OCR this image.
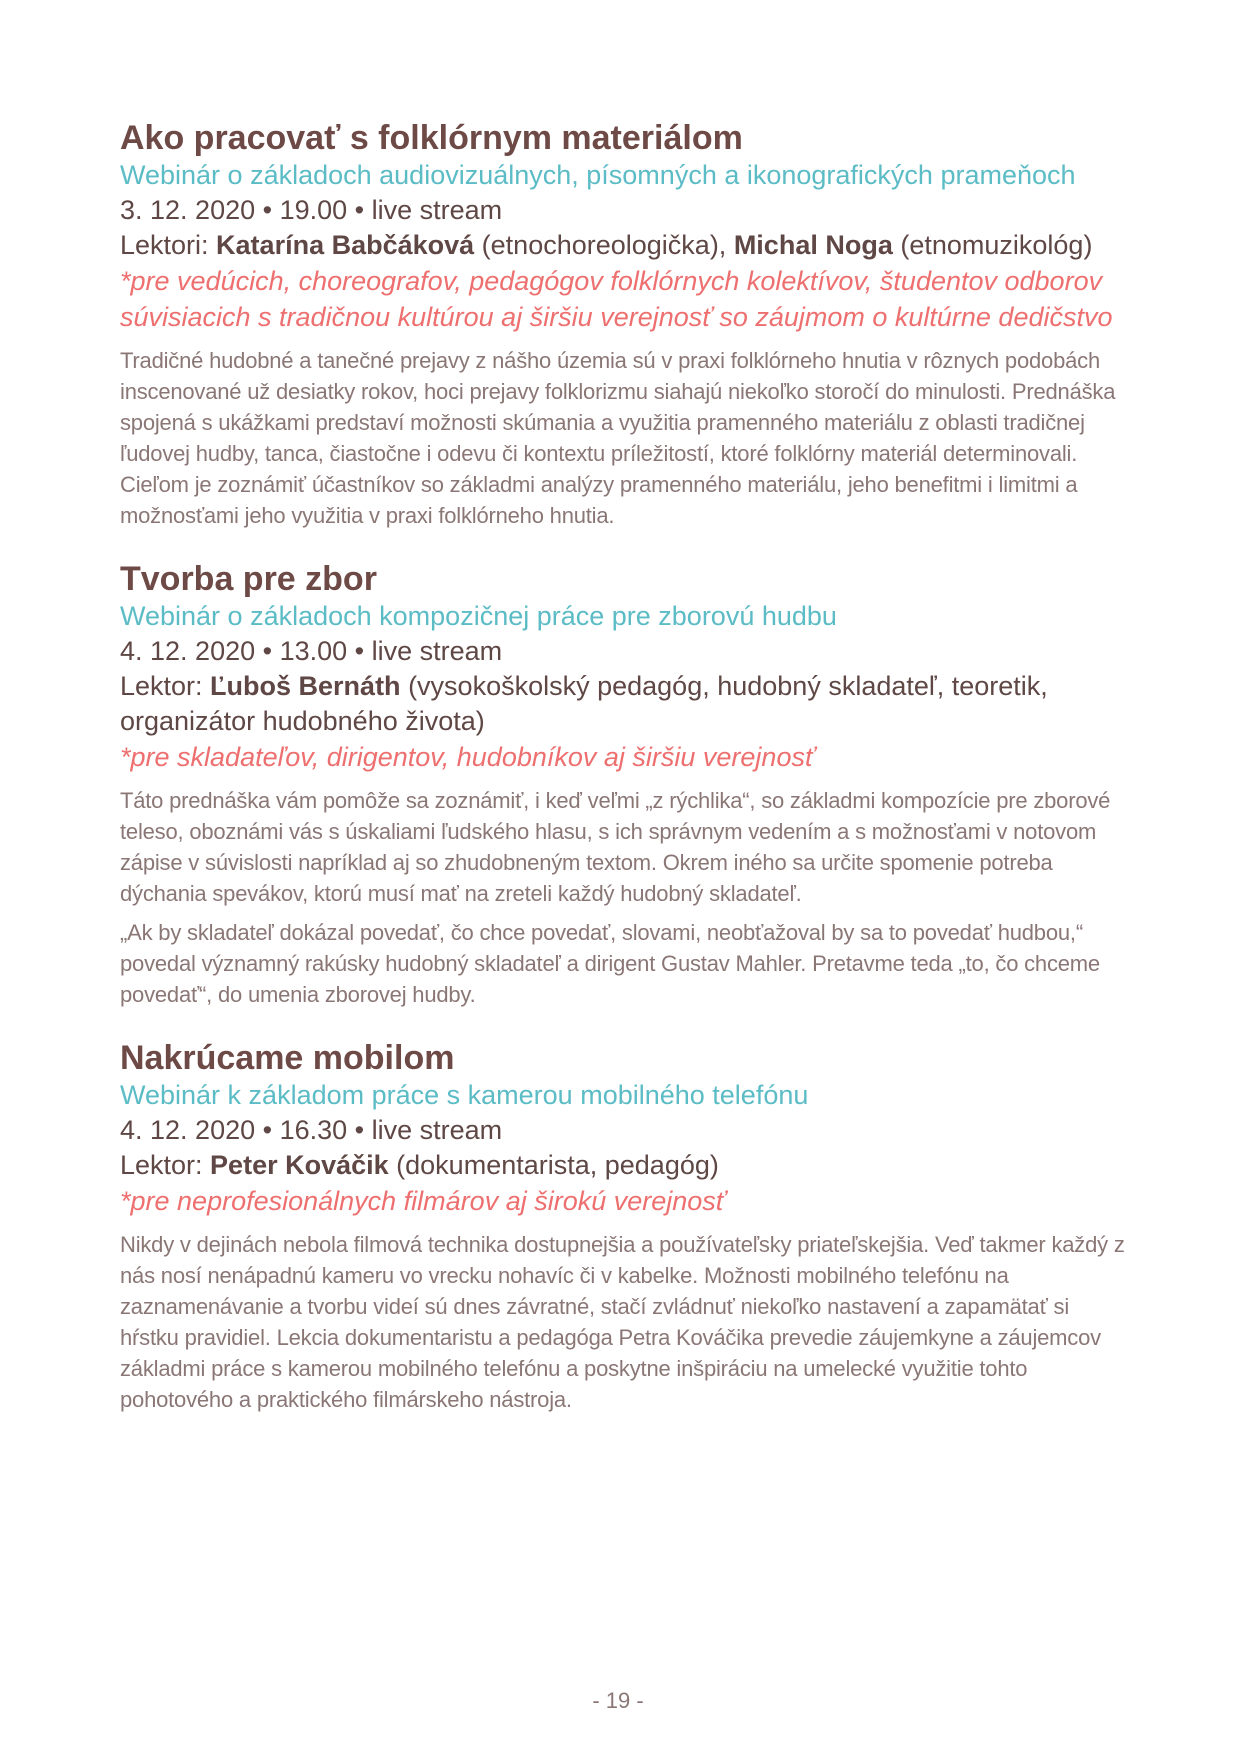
Ako pracovať s folklórnym materiálom

Webinár o základoch audiovizuálnych, písomných a ikonografických prameňoch

3. 12. 2020 • 19.00 • live stream

Lektori: Katarína Babčáková (etnochoreologička), Michal Noga (etnomuzikológ)

*pre vedúcich, choreografov, pedagógov folklórnych kolektívov, študentov odborov súvisiacich s tradičnou kultúrou aj širšiu verejnosť so záujmom o kultúrne dedičstvo

Tradičné hudobné a tanečné prejavy z nášho územia sú v praxi folklórneho hnutia v rôznych podobách inscenované už desiatky rokov, hoci prejavy folklorizmu siahajú niekoľko storočí do minulosti. Prednáška spojená s ukážkami predstaví možnosti skúmania a využitia pramenného materiálu z oblasti tradičnej ľudovej hudby, tanca, čiastočne i odevu či kontextu príležitostí, ktoré folklórny materiál determinovali. Cieľom je zoznámiť účastníkov so základmi analýzy pramenného materiálu, jeho benefitmi i limitmi a možnosťami jeho využitia v praxi folklórneho hnutia.

Tvorba pre zbor

Webinár o základoch kompozičnej práce pre zborovú hudbu

4. 12. 2020 • 13.00 • live stream

Lektor: Ľuboš Bernáth (vysokoškolský pedagóg, hudobný skladateľ, teoretik, organizátor hudobného života)

*pre skladateľov, dirigentov, hudobníkov aj širšiu verejnosť

Táto prednáška vám pomôže sa zoznámiť, i keď veľmi „z rýchlika“, so základmi kompozície pre zborové teleso, oboznámi vás s úskaliami ľudského hlasu, s ich správnym vedením a s možnosťami v notovom zápise v súvislosti napríklad aj so zhudobneným textom. Okrem iného sa určite spomenie potreba dýchania spevákov, ktorú musí mať na zreteli každý hudobný skladateľ.

„Ak by skladateľ dokázal povedať, čo chce povedať, slovami, neobťažoval by sa to povedať hudbou,“ povedal významný rakúsky hudobný skladateľ a dirigent Gustav Mahler. Pretavme teda „to, čo chceme povedať“, do umenia zborovej hudby.

Nakrúcame mobilom

Webinár k základom práce s kamerou mobilného telefónu

4. 12. 2020 • 16.30 • live stream

Lektor: Peter Kováčik (dokumentarista, pedagóg)

*pre neprofesionálnych filmárov aj širokú verejnosť

Nikdy v dejinách nebola filmová technika dostupnejšia a používateľsky priateľskejšia. Veď takmer každý z nás nosí nenápadnú kameru vo vrecku nohavíc či v kabelke. Možnosti mobilného telefónu na zaznamenávanie a tvorbu videí sú dnes závratné, stačí zvládnuť niekoľko nastavení a zapamätať si hŕstku pravidiel. Lekcia dokumentaristu a pedagóga Petra Kováčika prevedie záujemkyne a záujemcov základmi práce s kamerou mobilného telefónu a poskytne inšpiráciu na umelecké využitie tohto pohotového a praktického filmárskeho nástroja.

- 19 -
